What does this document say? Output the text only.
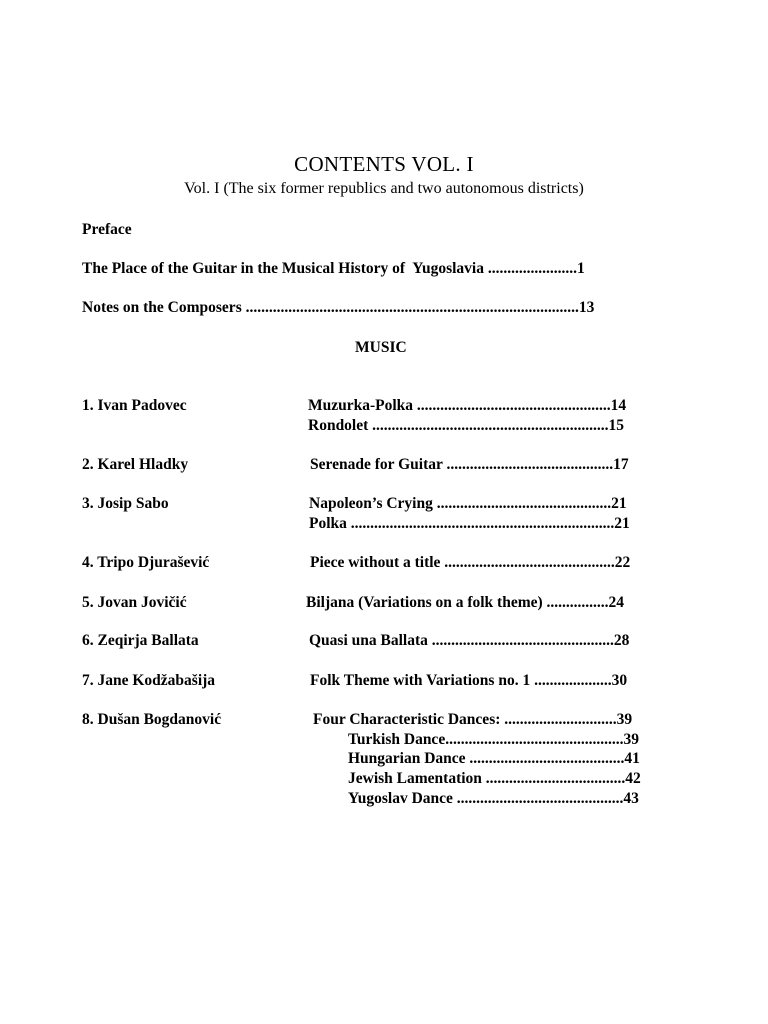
CONTENTS VOL. I
Vol. I (The six former republics and two autonomous districts)
Preface
The Place of the Guitar in the Musical History of  Yugoslavia .......................1
Notes on the Composers ......................................................................................13
MUSIC
1. Ivan Padovec
2. Karel Hladky
3. Josip Sabo
4. Tripo Djurašević
5. Jovan Jovičić
6. Zeqirja Ballata
7. Jane Kodžabašija
8. Dušan Bogdanović
Muzurka-Polka ..................................................14
Rondolet .............................................................15
Serenade for Guitar ...........................................17
Napoleon’s Crying .............................................21
Polka ....................................................................21
Piece without a title ............................................22
Biljana (Variations on a folk theme) ................24
Quasi una Ballata ...............................................28
Folk Theme with Variations no. 1 ....................30
Four Characteristic Dances: .............................39
Turkish Dance..............................................39
Hungarian Dance ........................................41
Jewish Lamentation ....................................42
Yugoslav Dance ...........................................43
